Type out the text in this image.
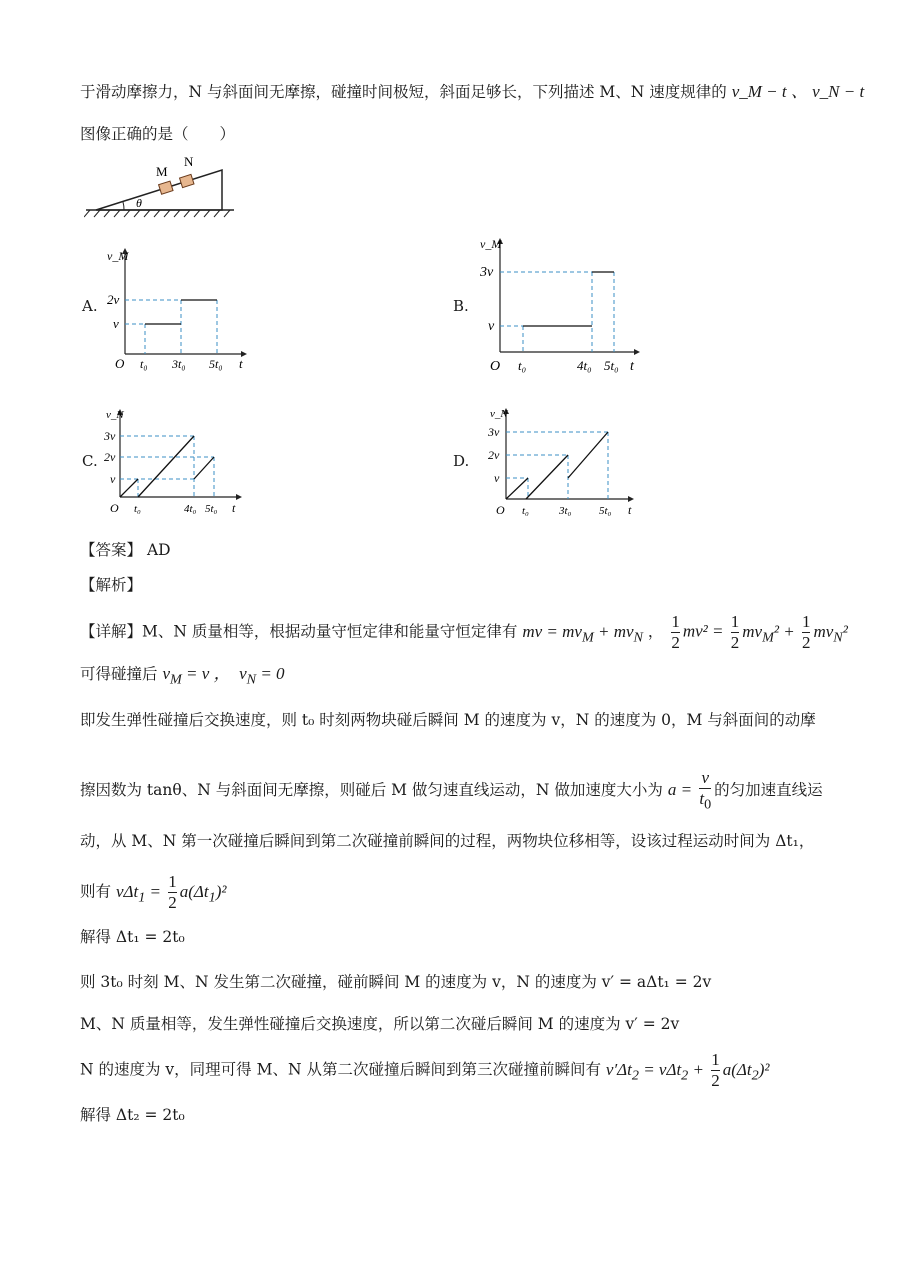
于滑动摩擦力，N 与斜面间无摩擦，碰撞时间极短，斜面足够长，下列描述 M、N 速度规律的 v_M − t 、 v_N − t
图像正确的是（　　）
M
N
θ
A.
v_M
2v
v
O t₀ 3t₀ 5t₀ t
B.
v_M
3v
v
O t₀	4t₀ 5t₀ t
C.
v_N
3v
2v
v
O t₀	4t₀ 5t₀ t
D.
v_N
3v
2v
v
O t₀	3t₀	5t₀ t
【答案】 AD
【解析】
【详解】M、N 质量相等，根据动量守恒定律和能量守恒定律有 mv = $mv_M + mv_N$ ， $\frac{1}{2} mv^2 = \frac{1}{2} mv_M^2 + \frac{1}{2} mv_N^2$
可得碰撞后 $v_M = v$ ，  $v_N = 0$
即发生弹性碰撞后交换速度，则 t₀ 时刻两物块碰后瞬间 M 的速度为 v，N 的速度为 0，M 与斜面间的动摩
擦因数为 tanθ、N 与斜面间无摩擦，则碰后 M 做匀速直线运动，N 做加速度大小为 $a = \frac{v}{t_0}$ 的匀加速直线运
动，从 M、N 第一次碰撞后瞬间到第二次碰撞前瞬间的过程，两物块位移相等，设该过程运动时间为 Δt₁，
则有 $v\Delta t_1 = \frac{1}{2} a(\Delta t_1)^2$
解得 Δt₁ = 2t₀
则 3t₀ 时刻 M、N 发生第二次碰撞，碰前瞬间 M 的速度为 v，N 的速度为 v′ = aΔt₁ = 2v
M、N 质量相等，发生弹性碰撞后交换速度，所以第二次碰后瞬间 M 的速度为 v′ = 2v
N 的速度为 v，同理可得 M、N 从第二次碰撞后瞬间到第三次碰撞前瞬间有 $v'\Delta t_2 = v\Delta t_2 + \frac{1}{2} a(\Delta t_2)^2$
解得 Δt₂ = 2t₀
